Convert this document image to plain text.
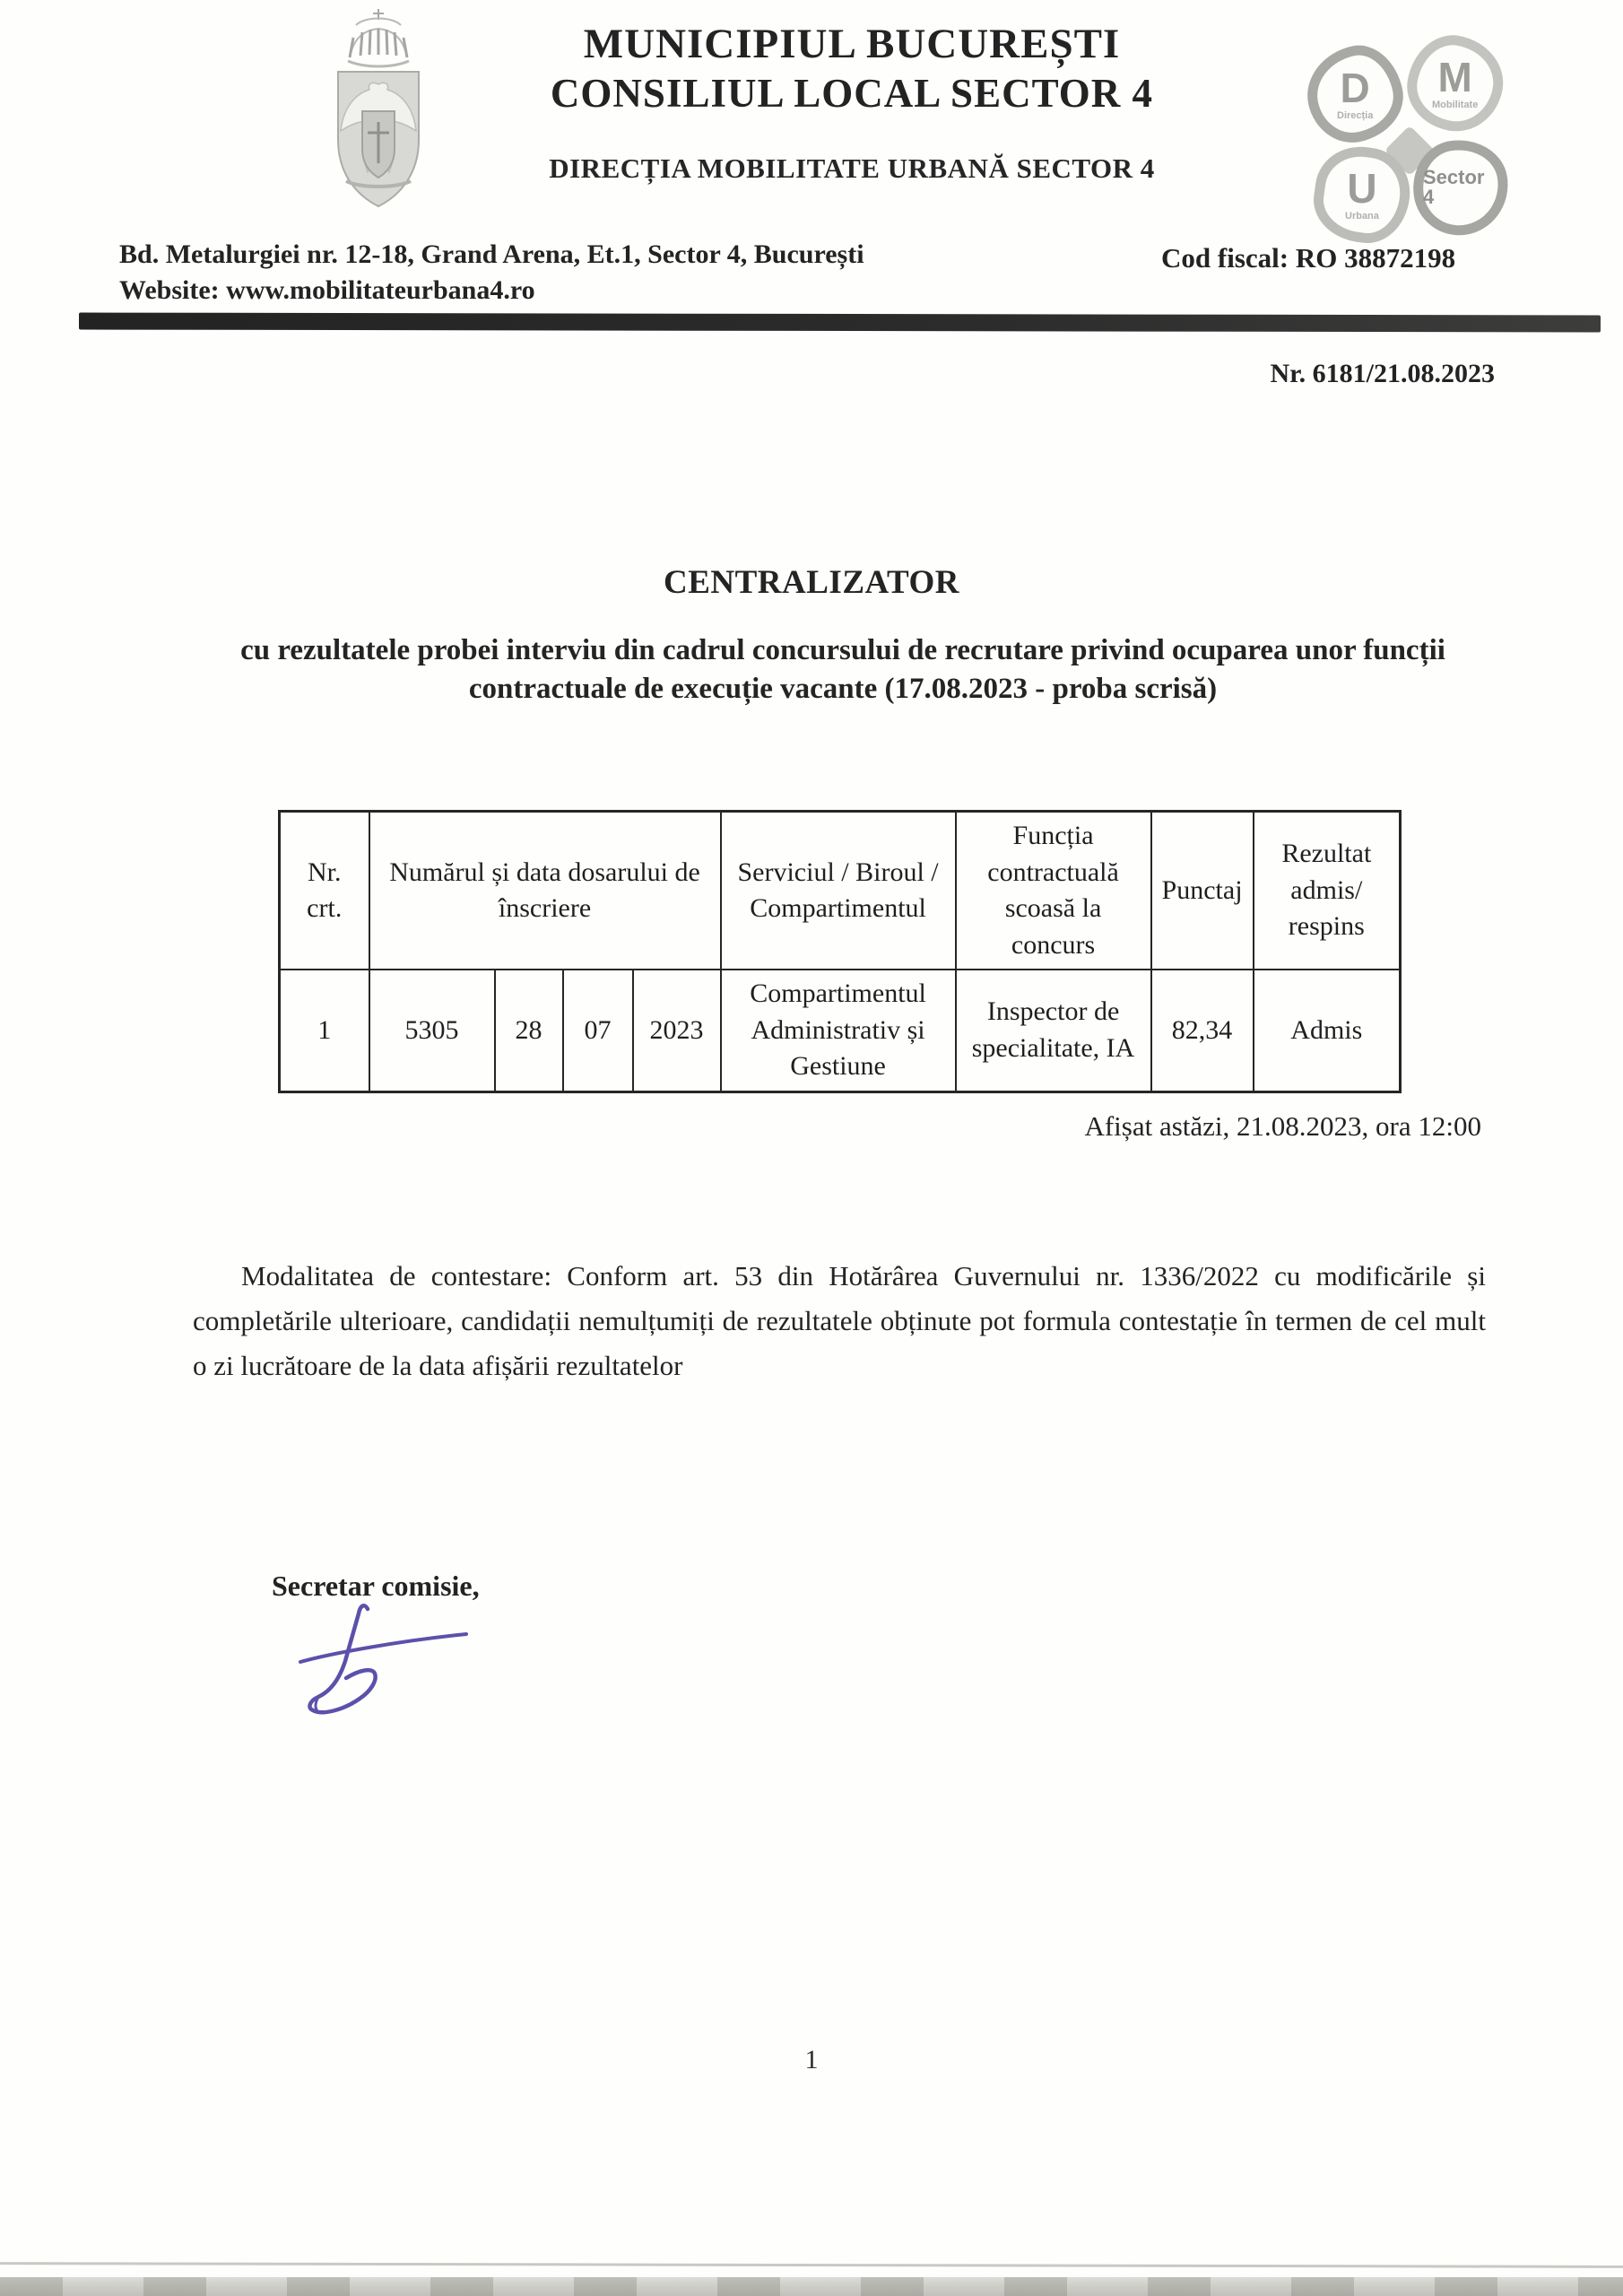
MUNICIPIUL BUCUREȘTI
CONSILIUL LOCAL SECTOR 4
DIRECȚIA MOBILITATE URBANĂ SECTOR 4
D
Direcția
M
Mobilitate
U
Urbana
Sector 4
Bd. Metalurgiei nr. 12-18, Grand Arena, Et.1, Sector 4, București
Website: www.mobilitateurbana4.ro
Cod fiscal: RO 38872198
Nr. 6181/21.08.2023
CENTRALIZATOR
cu rezultatele probei interviu din cadrul concursului de recrutare privind ocuparea unor funcții
contractuale de execuție vacante (17.08.2023 - proba scrisă)
Nr. crt.	Numărul și data dosarului de înscriere				Serviciul / Biroul / Compartimentul	Funcția contractuală scoasă la concurs	Punctaj	Rezultat admis/ respins
1	5305	28	07	2023	Compartimentul Administrativ și Gestiune	Inspector de specialitate, IA	82,34	Admis
Afișat astăzi, 21.08.2023, ora 12:00
Modalitatea de contestare: Conform art. 53 din Hotărârea Guvernului nr. 1336/2022 cu modificările și completările ulterioare, candidații nemulțumiți de rezultatele obținute pot formula contestație în termen de cel mult o zi lucrătoare de la data afișării rezultatelor
Secretar comisie,
1
